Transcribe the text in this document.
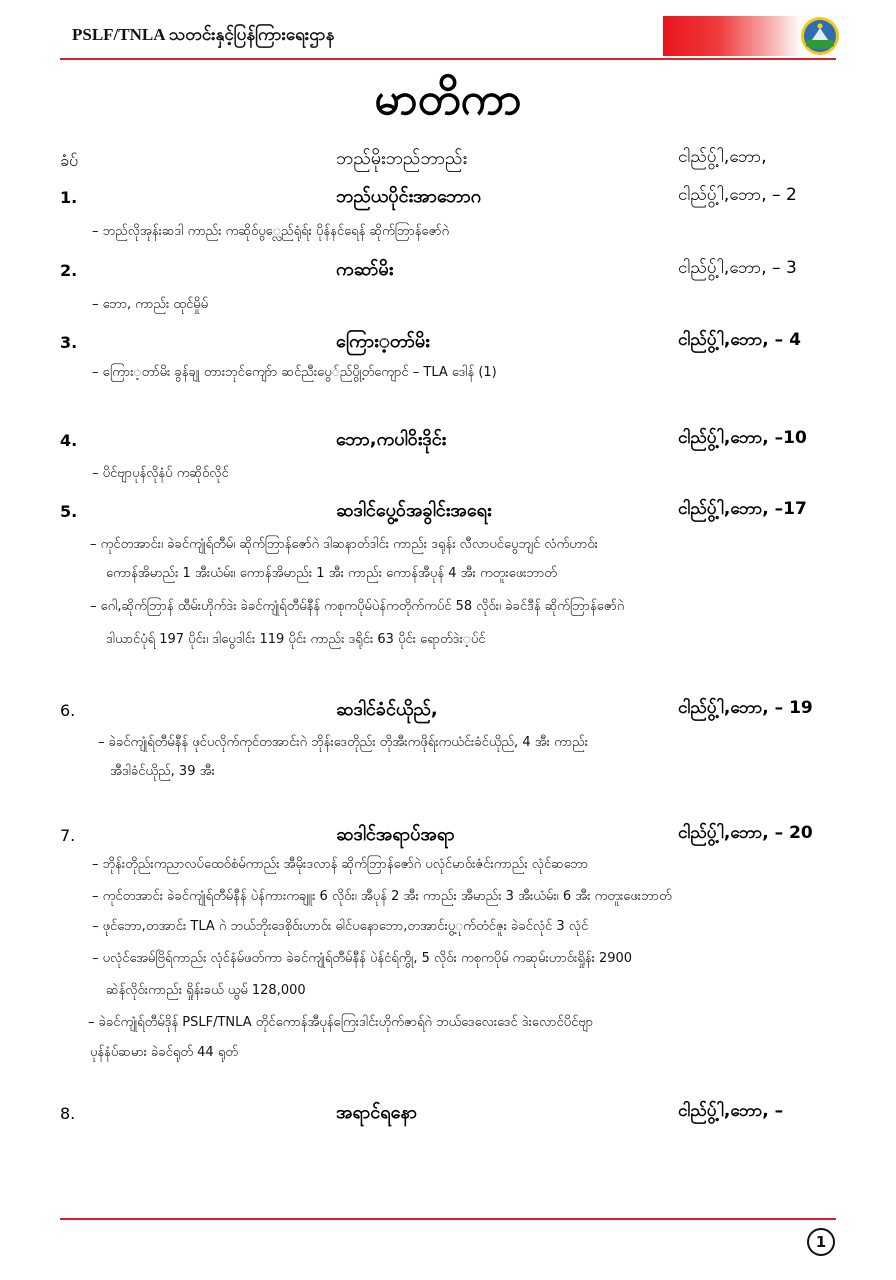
PSLF/TNLA သတင်းနှင့်ပြန်ကြားရေးဌာန
မာတိကာ
ခံပ်	ဘည်မိုးဘည်ဘာည်း	ငါည်ပွ့်ါ,ဘော,
1.	ဘည်ယပိုင်းအာဘောဂ	ငါည်ပွ့်ါ,ဘော, – 2
– ဘည်လိုအုန်းဆဒါ ကာည်း ကဆိုဝ်ပွ္လေည်ရုံရ်း ပိုန်နင်ရေန် ဆိုက်ဘြာန်ဇော်ဂဲ
2.	ကဆာ်မိး	ငါည်ပွ့်ါ,ဘော, – 3
– ဘော, ကာည်း ထုင်မှိုမ်
3.	ကြေား့တာ်မိး	ငါည်ပွ့်ါ,ဘော, – 4
– ကြေား့တာ်မိး ခွန်ချု တားဘုင်ကျော်ာ ဆင်ညီးပွေ်ည်ပွို့တ်ကျောင် – TLA ဒေါန် (1)
4.	ဘော,ကပါဝိးဒိုင်း	ငါည်ပွ့်ါ,ဘော, –10
– ပိင်ဗျာပုန်လိုနံပ် ကဆိုဝ်လိုင်
5.	ဆဒါင်ပွေ့ဝ်အခွါင်းအရေး	ငါည်ပွ့်ါ,ဘော, –17
– ကုင်တအာင်း၊ ခဲခင်ကျုံရ်တီမ်၊ ဆိုက်ဘြာန်ဇော်ဂဲ ဒါဆနာတ်ဒါင်း ကာည်း ဒရုန်း လီလာပင်ပွေဘျင် လံက်ဟာဝ်း
ကောန်အိမာည်း 1 အီးယံမ်း၊ ကောန်အိမာည်း 1 အီး ကာည်း ကောန်အီပုန် 4 အီး ကတူးဖေးဘာတ်
– ဂေါ,ဆိုက်ဘြာန် ထီမ်းဟိုက်ဒဲး ခဲခင်ကျုံရ်တီမ်နီန် ကစုကပိုမ်ပဲန်ကတိုက်ကပ်င် 58 လိုဝ်း၊ ခဲခင်ဒီန် ဆိုက်ဘြာန်ဇော်ဂဲ
ဒါယာင်ပုံရ် 197 ပိုင်း၊ ဒါပွေဒါင်း 119 ပိုင်း ကာည်း ဒရိုင်း 63 ပိုင်း ရောတ်ဒဲး့ပ်င်
6.	ဆဒါင်ခံင်ယိုည်,	ငါည်ပွ့်ါ,ဘော, – 19
– ခဲခင်ကျုံရ်တီမ်နီန် ဖုင်ပလိုက်ကုင်တအာင်းဂဲ ဘိုန်းဒေတိုည်း တိုအီးကဖိုရ်းကယံင်းခံင်ယိုည်, 4 အီး ကာည်း
အီဒါခံင်ယိုည်, 39 အီး
7.	ဆဒါင်အရာပ်အရာ	ငါည်ပွ့်ါ,ဘော, – 20
– ဘိုန်းတိုည်းကညာလပ်ထေ၀်စံမ်ကာည်း အီမိုးဒလာန် ဆိုက်ဘြာန်ဇော်ဂဲ ပလုံင်မာဝ်းဇံင်းကာည်း လုံင်ဆဘော
– ကုင်တအာင်း ခဲခင်ကျုံရ်တီမ်နီန် ပဲန်ကားကချူး 6 လိုဝ်း၊ အီပုန် 2 အီး ကာည်း အီမာည်း 3 အီးယံမ်း၊ 6 အီး ကတူးဖေးဘာတ်
– ဖုင်ဘော,တအာင်း TLA ဂဲ ဘယ်ဘိုးဒေစိုဝ်းဟာဝ်း ဓါင်ပနောဘော,တအာင်းပွ့ုက်တံင်ဇူး ခဲခင်လုံင် 3 လုံင်
– ပလုံင်အေမ်ဗြိရ်ကာည်း လုံင်နံမ်ဖတ်ကာ ခဲခင်ကျုံရ်တီမ်နီန် ပဲန်ငံရ်ကွို, 5 လိုဝ်း ကစုကပိုမ် ကဆုမ်းဟာဝ်းရှိုန်း 2900
ဆဲန်လိုဝ်းကာည်း ရှိုန်းခယ် ယွမ် 128,000
– ခဲခင်ကျုံရ်တီမ်ဒိုန် PSLF/TNLA တိုင်ကောန်အီပုန်ကြေးဒါင်းဟိုက်ဇာရ်ဂဲ ဘယ်ဒေလေးဒေင် ဒဲးလောင်ပိင်ဗျာ
ပုန်နံပ်ဆမား ခဲခင်ရုတ် 44 ရုတ်
8.	အရာင်ရနော	ငါည်ပွ့်ါ,ဘော, –
1
